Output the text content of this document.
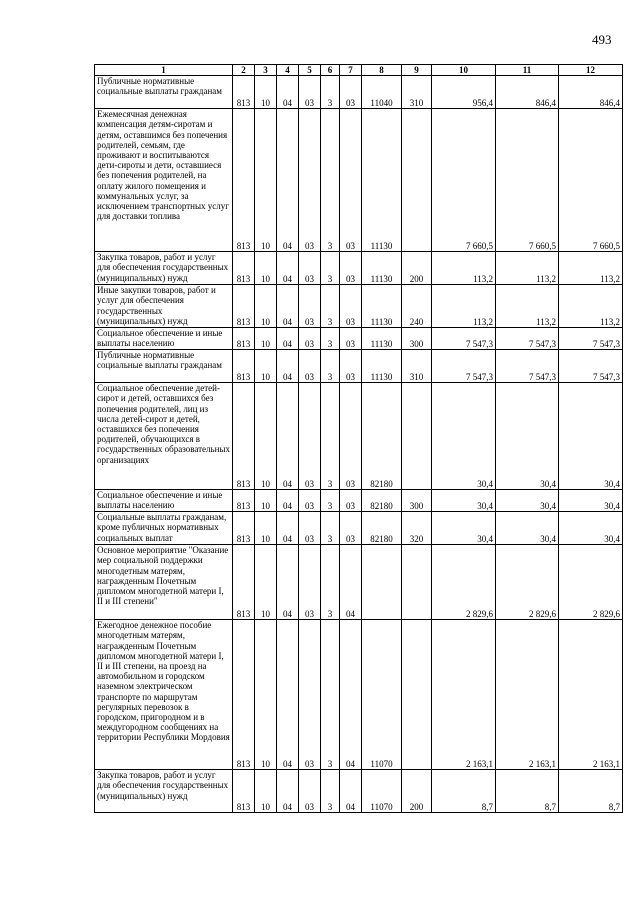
493
1	2	3	4	5	6	7	8	9	10	11	12
Публичные нормативные социальные выплаты гражданам	813	10	04	03	3	03	11040	310	956,4	846,4	846,4
Ежемесячная денежная компенсация детям-сиротам и детям, оставшимся без попечения родителей, семьям, где проживают и воспитываются дети-сироты и дети, оставшиеся без попечения родителей, на оплату жилого помещения и коммунальных услуг, за исключением транспортных услуг для доставки топлива	813	10	04	03	3	03	11130		7 660,5	7 660,5	7 660,5
Закупка товаров, работ и услуг для обеспечения государственных (муниципальных) нужд	813	10	04	03	3	03	11130	200	113,2	113,2	113,2
Иные закупки товаров, работ и услуг для обеспечения государственных (муниципальных) нужд	813	10	04	03	3	03	11130	240	113,2	113,2	113,2
Социальное обеспечение и иные выплаты населению	813	10	04	03	3	03	11130	300	7 547,3	7 547,3	7 547,3
Публичные нормативные социальные выплаты гражданам	813	10	04	03	3	03	11130	310	7 547,3	7 547,3	7 547,3
Социальное обеспечение детей-сирот и детей, оставшихся без попечения родителей, лиц из числа детей-сирот и детей, оставшихся без попечения родителей, обучающихся в государственных образовательных организациях	813	10	04	03	3	03	82180		30,4	30,4	30,4
Социальное обеспечение и иные выплаты населению	813	10	04	03	3	03	82180	300	30,4	30,4	30,4
Социальные выплаты гражданам, кроме публичных нормативных социальных выплат	813	10	04	03	3	03	82180	320	30,4	30,4	30,4
Основное мероприятие "Оказание мер социальной поддержки многодетным матерям, награжденным Почетным дипломом многодетной матери I, II и III степени"	813	10	04	03	3	04			2 829,6	2 829,6	2 829,6
Ежегодное денежное пособие многодетным матерям, награжденным Почетным дипломом многодетной матери I, II и III степени, на проезд на автомобильном и городском наземном электрическом транспорте по маршрутам регулярных перевозок в городском, пригородном и в междугородном сообщениях на территории Республики Мордовия	813	10	04	03	3	04	11070		2 163,1	2 163,1	2 163,1
Закупка товаров, работ и услуг для обеспечения государственных (муниципальных) нужд	813	10	04	03	3	04	11070	200	8,7	8,7	8,7
